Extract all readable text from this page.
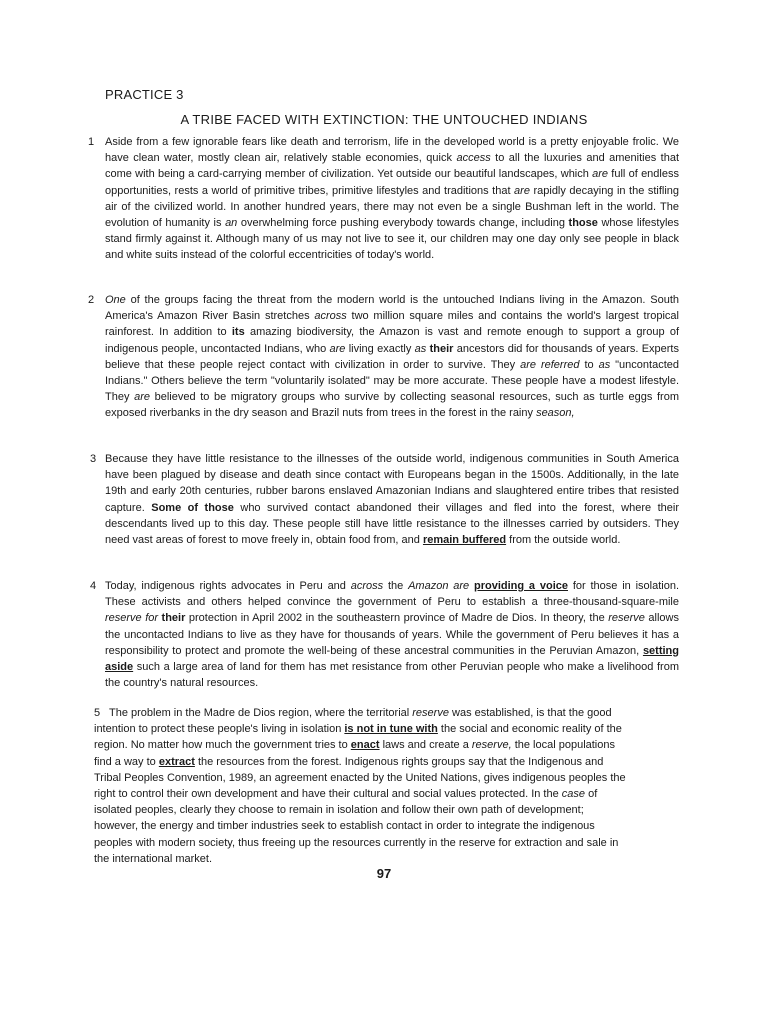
PRACTICE 3
A TRIBE FACED WITH EXTINCTION: THE UNTOUCHED INDIANS
1 Aside from a few ignorable fears like death and terrorism, life in the developed world is a pretty enjoyable frolic. We have clean water, mostly clean air, relatively stable economies, quick access to all the luxuries and amenities that come with being a card-carrying member of civilization. Yet outside our beautiful landscapes, which are full of endless opportunities, rests a world of primitive tribes, primitive lifestyles and traditions that are rapidly decaying in the stifling air of the civilized world. In another hundred years, there may not even be a single Bushman left in the world. The evolution of humanity is an overwhelming force pushing everybody towards change, including those whose lifestyles stand firmly against it. Although many of us may not live to see it, our children may one day only see people in black and white suits instead of the colorful eccentricities of today's world.
2 One of the groups facing the threat from the modern world is the untouched Indians living in the Amazon. South America's Amazon River Basin stretches across two million square miles and contains the world's largest tropical rainforest. In addition to its amazing biodiversity, the Amazon is vast and remote enough to support a group of indigenous people, uncontacted Indians, who are living exactly as their ancestors did for thousands of years. Experts believe that these people reject contact with civilization in order to survive. They are referred to as "uncontacted Indians." Others believe the term "voluntarily isolated" may be more accurate. These people have a modest lifestyle. They are believed to be migratory groups who survive by collecting seasonal resources, such as turtle eggs from exposed riverbanks in the dry season and Brazil nuts from trees in the forest in the rainy season,
3 Because they have little resistance to the illnesses of the outside world, indigenous communities in South America have been plagued by disease and death since contact with Europeans began in the 1500s. Additionally, in the late 19th and early 20th centuries, rubber barons enslaved Amazonian Indians and slaughtered entire tribes that resisted capture. Some of those who survived contact abandoned their villages and fled into the forest, where their descendants lived up to this day. These people still have little resistance to the illnesses carried by outsiders. They need vast areas of forest to move freely in, obtain food from, and remain buffered from the outside world.
4 Today, indigenous rights advocates in Peru and across the Amazon are providing a voice for those in isolation. These activists and others helped convince the government of Peru to establish a three-thousand-square-mile reserve for their protection in April 2002 in the southeastern province of Madre de Dios. In theory, the reserve allows the uncontacted Indians to live as they have for thousands of years. While the government of Peru believes it has a responsibility to protect and promote the well-being of these ancestral communities in the Peruvian Amazon, setting aside such a large area of land for them has met resistance from other Peruvian people who make a livelihood from the country's natural resources.
5 The problem in the Madre de Dios region, where the territorial reserve was established, is that the good intention to protect these people's living in isolation is not in tune with the social and economic reality of the region. No matter how much the government tries to enact laws and create a reserve, the local populations find a way to extract the resources from the forest. Indigenous rights groups say that the Indigenous and Tribal Peoples Convention, 1989, an agreement enacted by the United Nations, gives indigenous peoples the right to control their own development and have their cultural and social values protected. In the case of isolated peoples, clearly they choose to remain in isolation and follow their own path of development; however, the energy and timber industries seek to establish contact in order to integrate the indigenous peoples with modern society, thus freeing up the resources currently in the reserve for extraction and sale in the international market.
97
